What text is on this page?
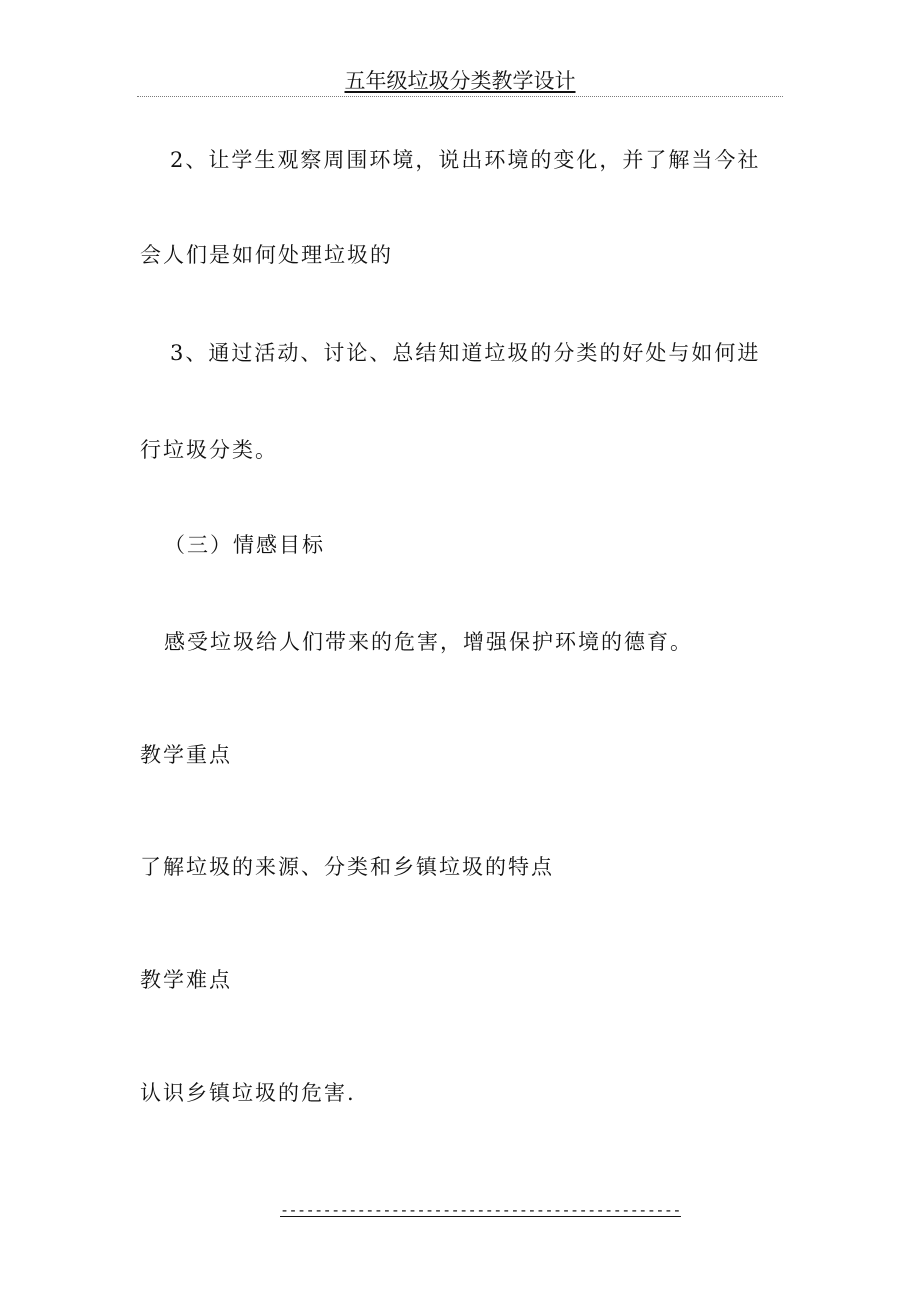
五年级垃圾分类教学设计
2、让学生观察周围环境，说出环境的变化，并了解当今社
会人们是如何处理垃圾的
3、通过活动、讨论、总结知道垃圾的分类的好处与如何进
行垃圾分类。
（三）情感目标
感受垃圾给人们带来的危害，增强保护环境的德育。
教学重点
了解垃圾的来源、分类和乡镇垃圾的特点
教学难点
认识乡镇垃圾的危害.
-----------------------------------------------
